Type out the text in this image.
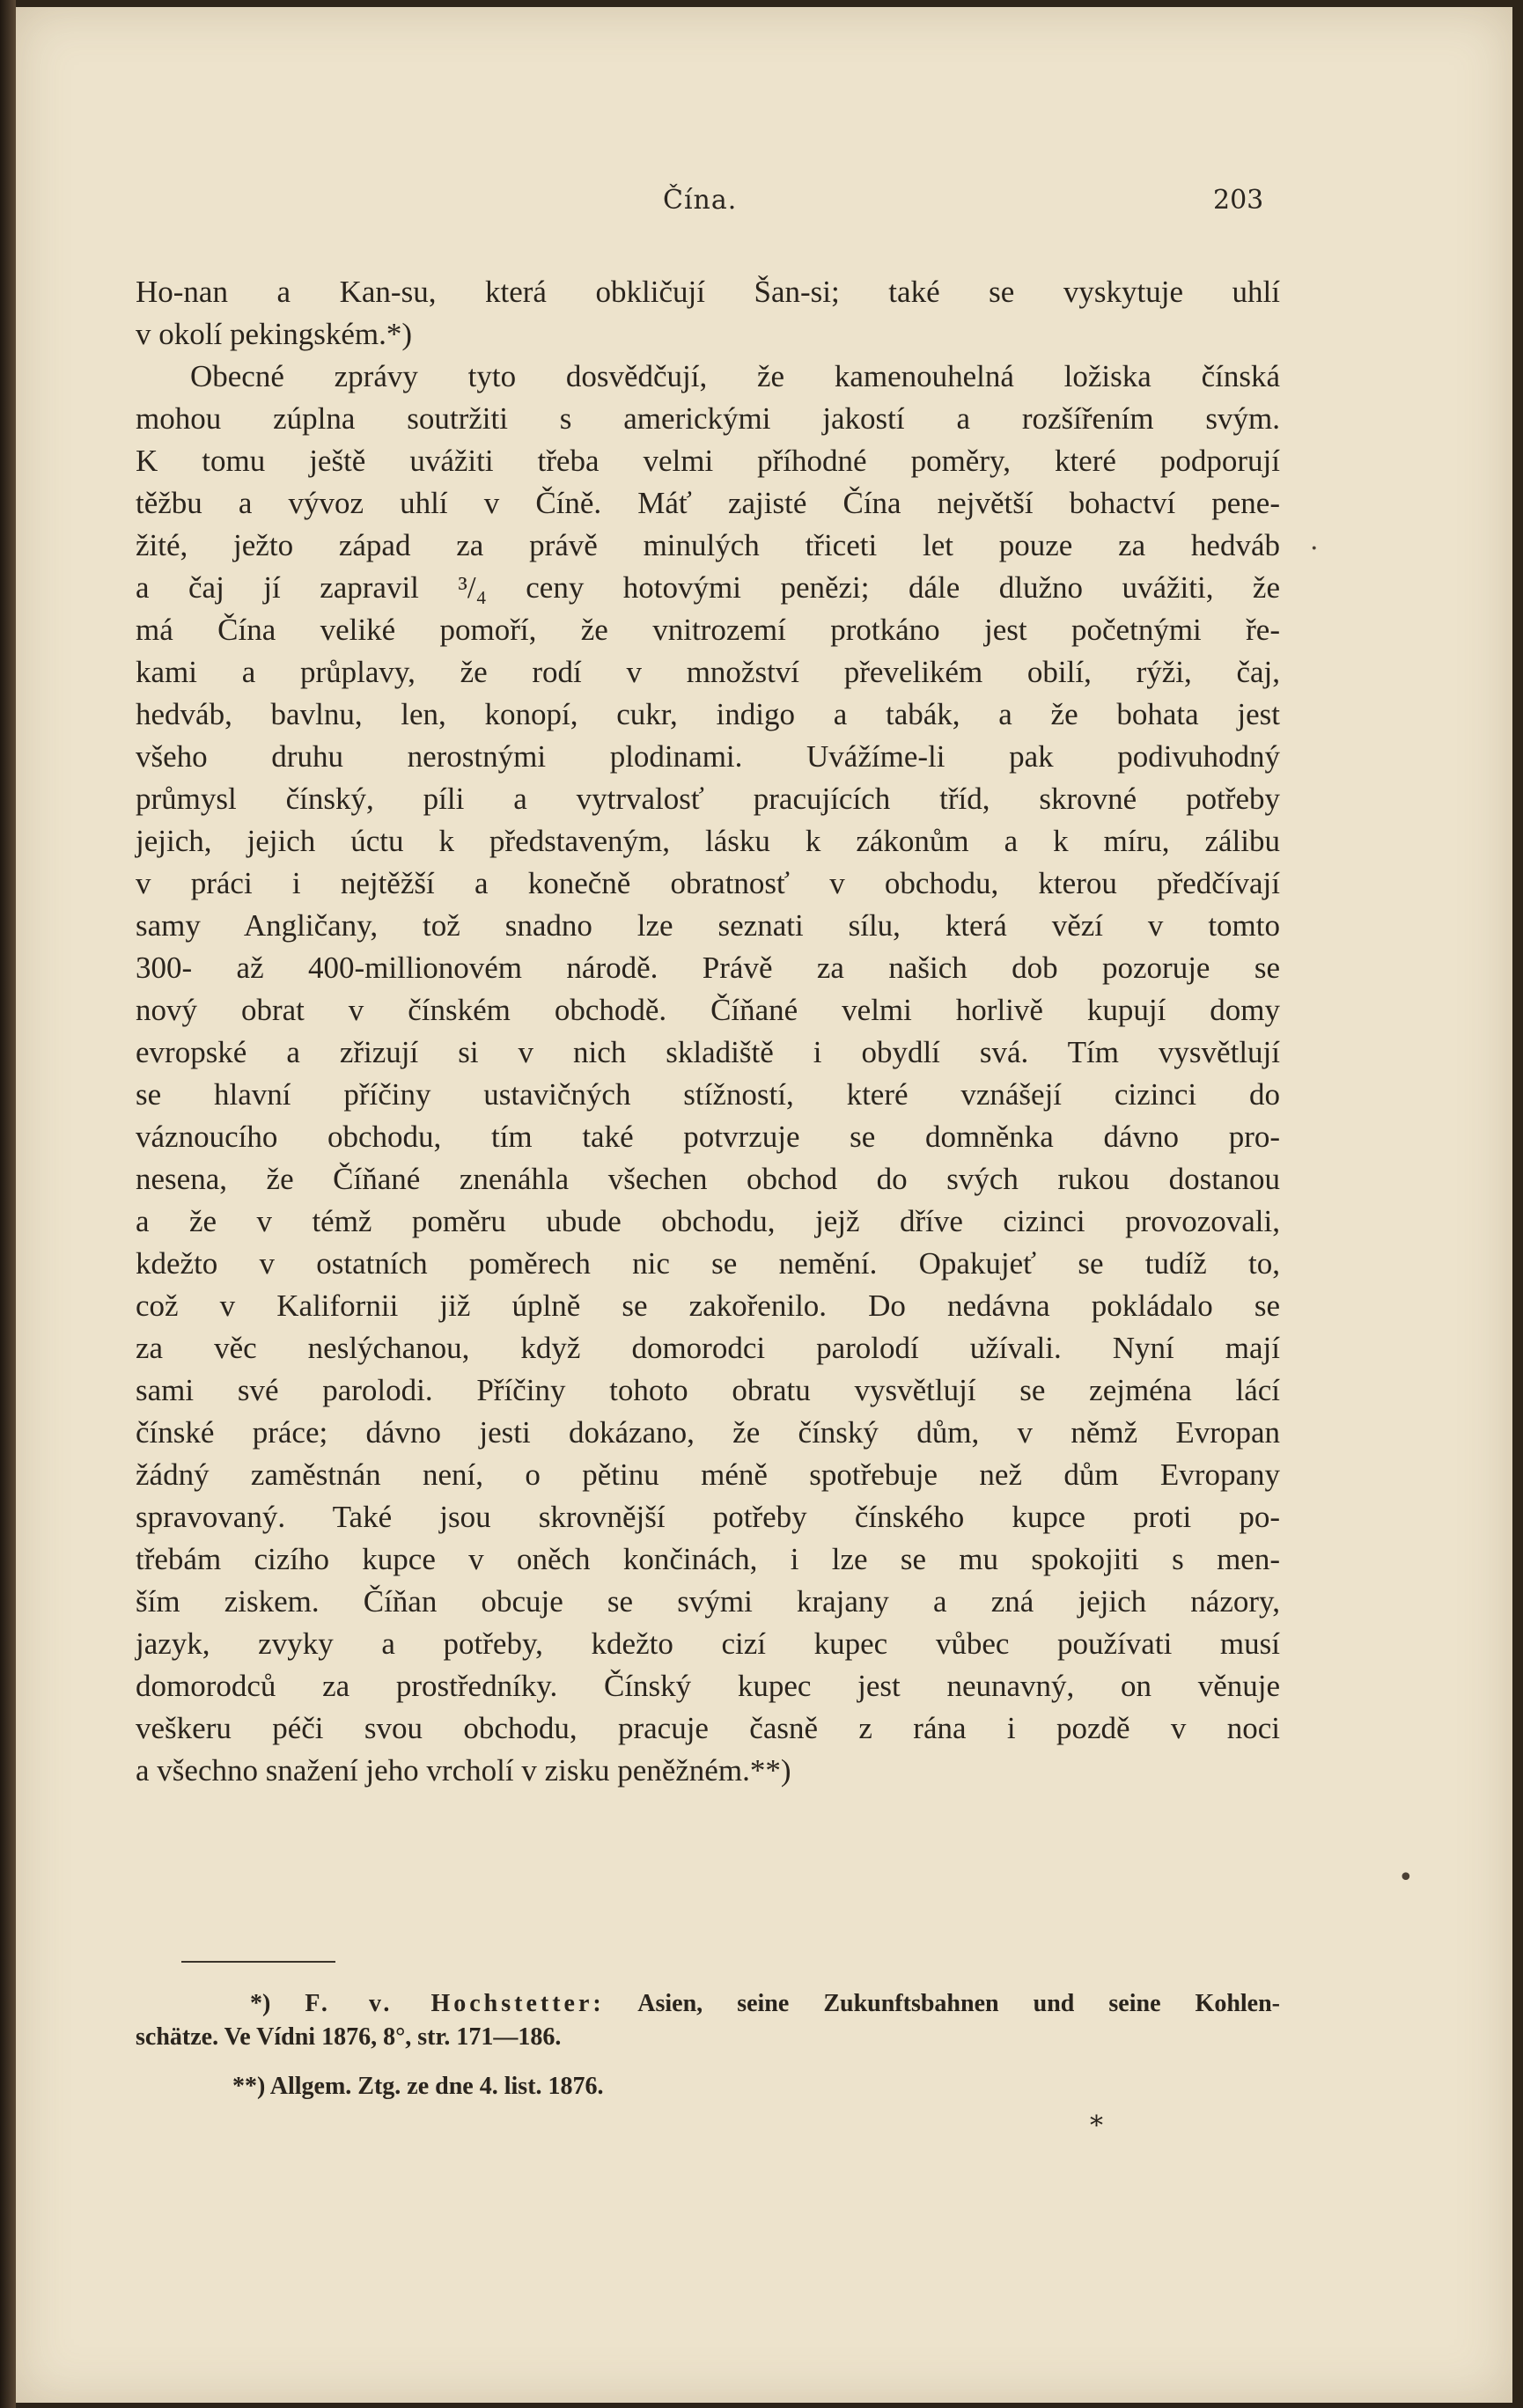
Čína.	203
Ho-nan a Kan-su, která obkličují Šan-si; také se vyskytuje uhlí
v okolí pekingském.*)
Obecné zprávy tyto dosvědčují, že kamenouhelná ložiska čínská
mohou zúplna soutržiti s americkými jakostí a rozšířením svým.
K tomu ještě uvážiti třeba velmi příhodné poměry, které podporují
těžbu a vývoz uhlí v Číně. Máť zajisté Čína největší bohactví pene-
žité, ježto západ za právě minulých třiceti let pouze za hedváb
a čaj jí zapravil ³/₄ ceny hotovými penězi; dále dlužno uvážiti, že
má Čína veliké pomoří, že vnitrozemí protkáno jest početnými ře-
kami a průplavy, že rodí v množství převelikém obilí, rýži, čaj,
hedváb, bavlnu, len, konopí, cukr, indigo a tabák, a že bohata jest
všeho druhu nerostnými plodinami. Uvážíme-li pak podivuhodný
průmysl čínský, píli a vytrvalosť pracujících tříd, skrovné potřeby
jejich, jejich úctu k představeným, lásku k zákonům a k míru, zálibu
v práci i nejtěžší a konečně obratnosť v obchodu, kterou předčívají
samy Angličany, tož snadno lze seznati sílu, která vězí v tomto
300- až 400-millionovém národě. Právě za našich dob pozoruje se
nový obrat v čínském obchodě. Číňané velmi horlivě kupují domy
evropské a zřizují si v nich skladiště i obydlí svá. Tím vysvětlují
se hlavní příčiny ustavičných stížností, které vznášejí cizinci do
váznoucího obchodu, tím také potvrzuje se domněnka dávno pro-
nesena, že Číňané znenáhla všechen obchod do svých rukou dostanou
a že v témž poměru ubude obchodu, jejž dříve cizinci provozovali,
kdežto v ostatních poměrech nic se nemění. Opakujeť se tudíž to,
což v Kalifornii již úplně se zakořenilo. Do nedávna pokládalo se
za věc neslýchanou, když domorodci parolodí užívali. Nyní mají
sami své parolodi. Příčiny tohoto obratu vysvětlují se zejména lácí
čínské práce; dávno jesti dokázano, že čínský dům, v němž Evropan
žádný zaměstnán není, o pětinu méně spotřebuje než dům Evropany
spravovaný. Také jsou skrovnější potřeby čínského kupce proti po-
třebám cizího kupce v oněch končinách, i lze se mu spokojiti s men-
ším ziskem. Číňan obcuje se svými krajany a zná jejich názory,
jazyk, zvyky a potřeby, kdežto cizí kupec vůbec používati musí
domorodců za prostředníky. Čínský kupec jest neunavný, on věnuje
veškeru péči svou obchodu, pracuje časně z rána i pozdě v noci
a všechno snažení jeho vrcholí v zisku peněžném.**)
*) F. v. Hochstetter: Asien, seine Zukunftsbahnen und seine Kohlen-
schätze. Ve Vídni 1876, 8°, str. 171—186.
**) Allgem. Ztg. ze dne 4. list. 1876.
*
·
•
